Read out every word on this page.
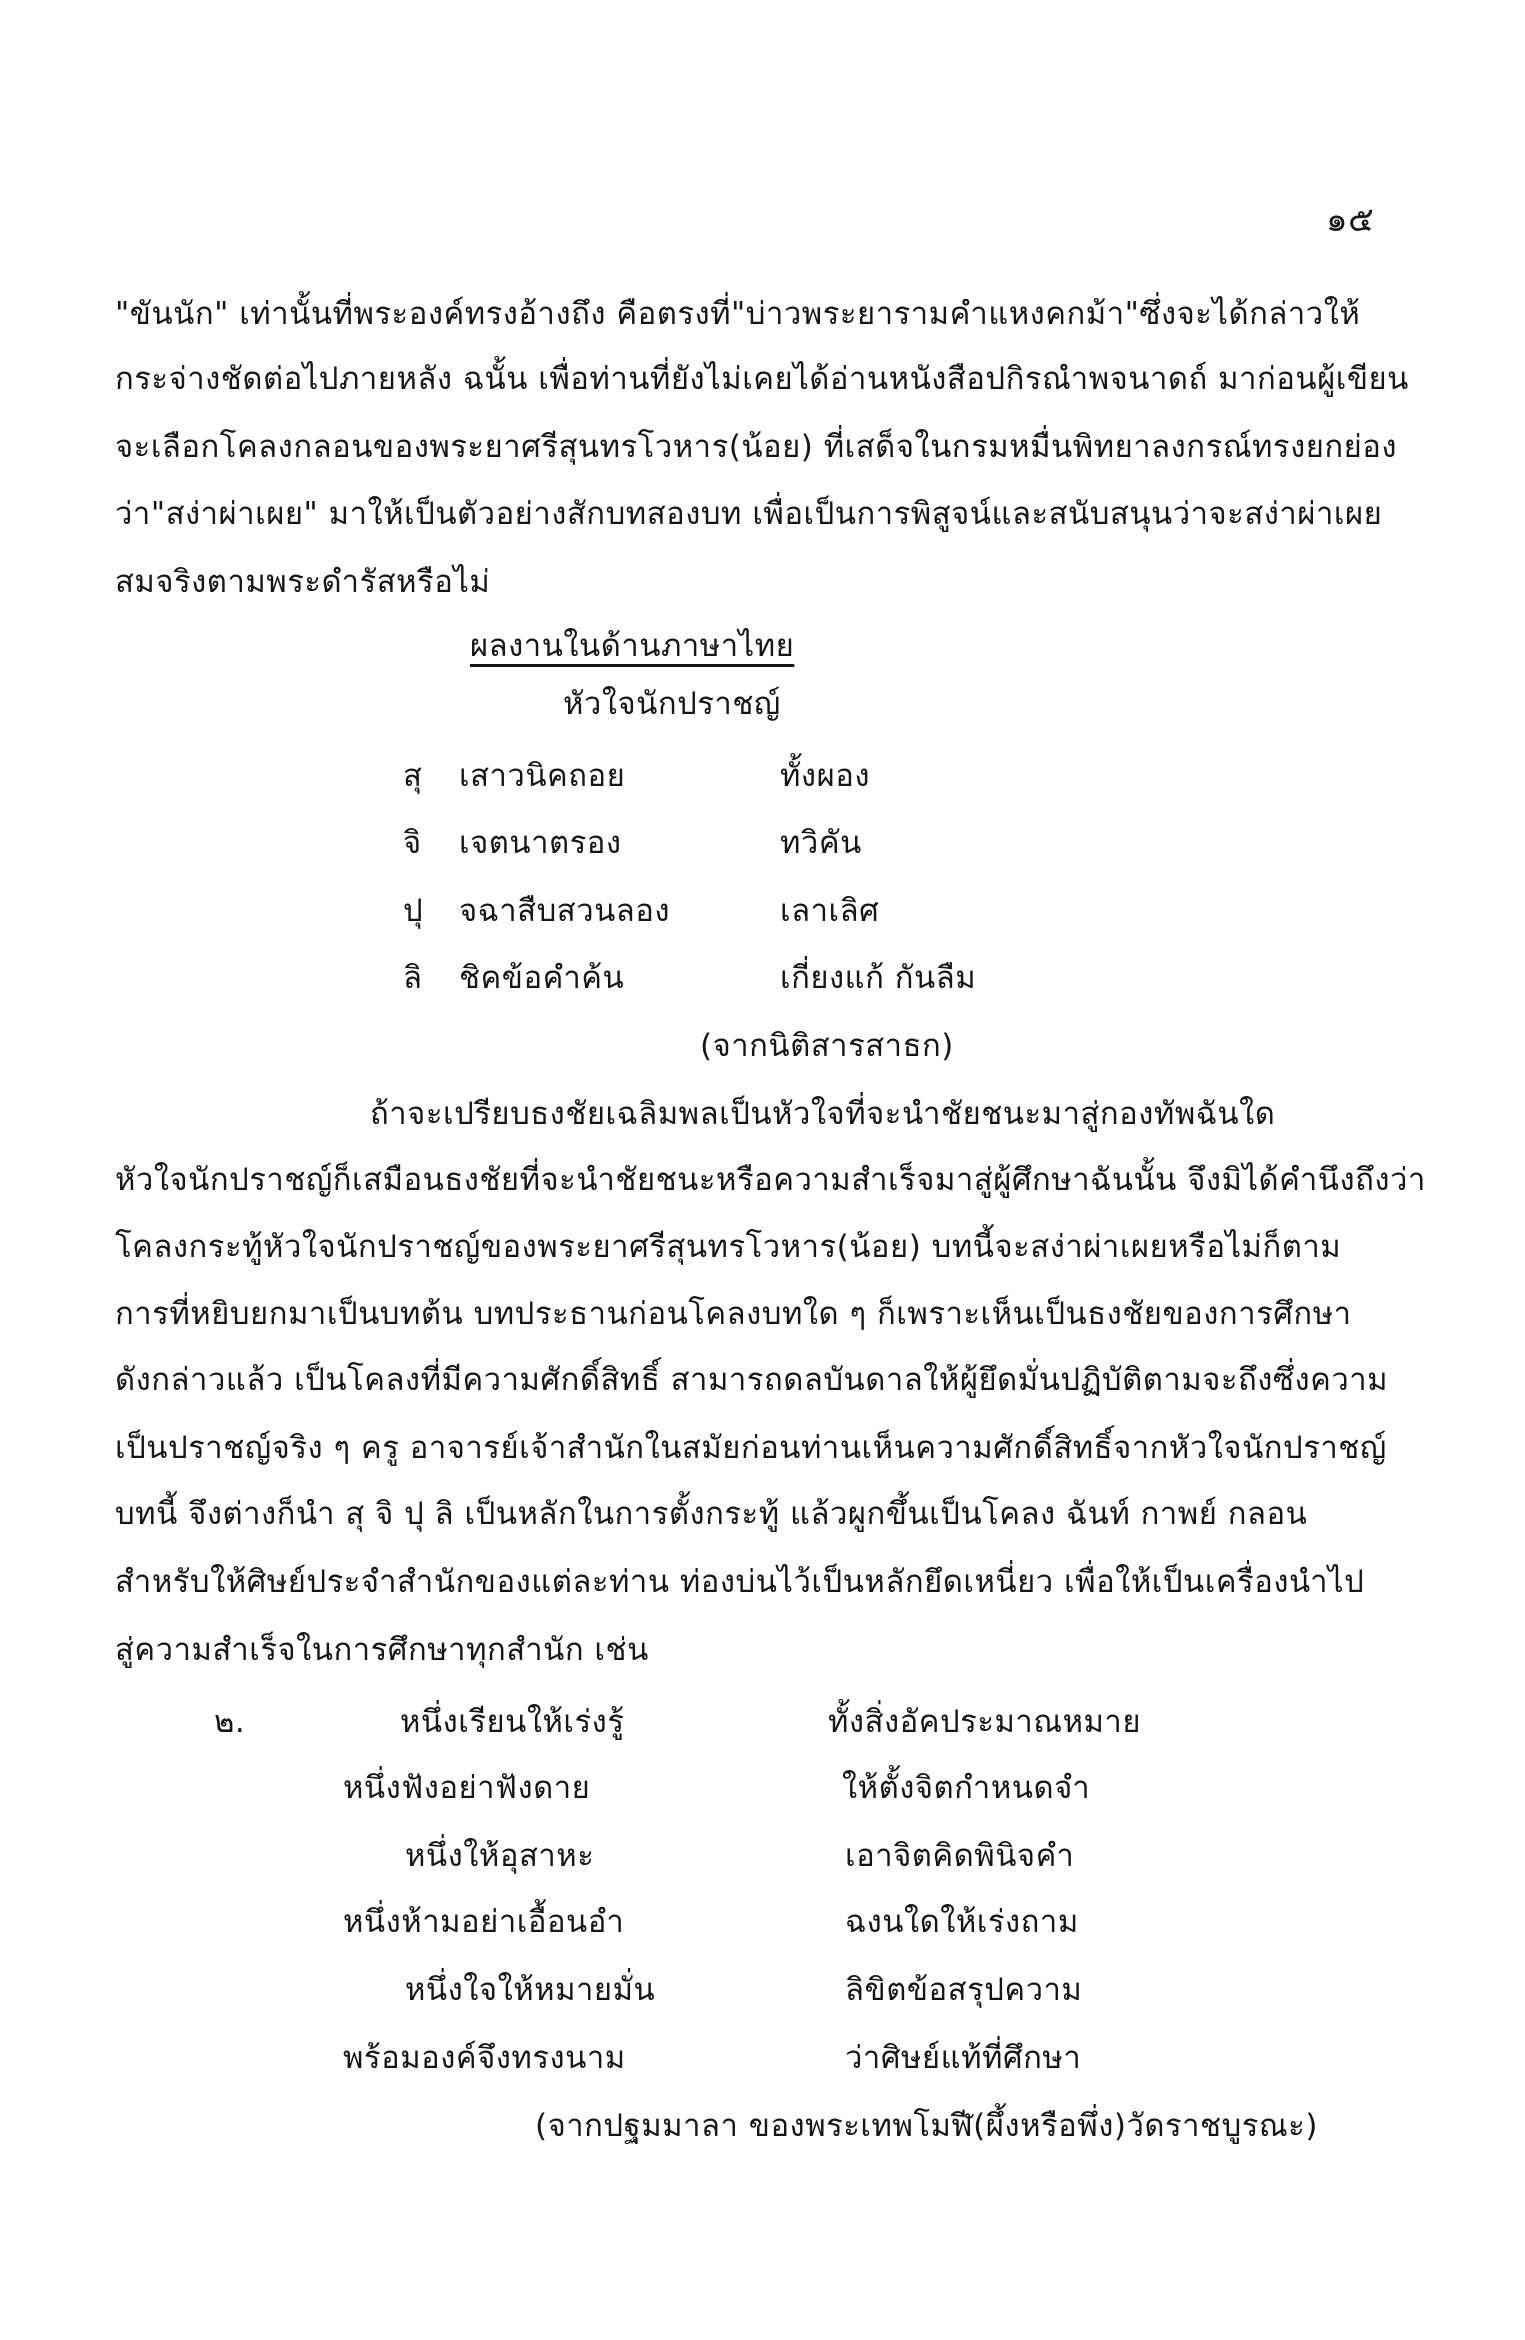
๑๕
"ขันนัก" เท่านั้นที่พระองค์ทรงอ้างถึง คือตรงที่"บ่าวพระยารามคำแหงคกม้า"ซึ่งจะได้กล่าวให้
กระจ่างชัดต่อไปภายหลัง ฉนั้น เพื่อท่านที่ยังไม่เคยได้อ่านหนังสือปกิรณำพจนาดถ์ มาก่อนผู้เขียน
จะเลือกโคลงกลอนของพระยาศรีสุนทรโวหาร(น้อย) ที่เสด็จในกรมหมื่นพิทยาลงกรณ์ทรงยกย่อง
ว่า"สง่าผ่าเผย" มาให้เป็นตัวอย่างสักบทสองบท เพื่อเป็นการพิสูจน์และสนับสนุนว่าจะสง่าผ่าเผย
สมจริงตามพระดำรัสหรือไม่
ผลงานในด้านภาษาไทย
หัวใจนักปราชญ์
สุ เสาวนิคถอย	ทั้งผอง
จิ เจตนาตรอง	ทวิคัน
ปุ จฉาสืบสวนลอง	เลาเลิศ
ลิ ชิคข้อคำค้น	เกี่ยงแก้ กันลืม
(จากนิติสารสาธก)
ถ้าจะเปรียบธงชัยเฉลิมพลเป็นหัวใจที่จะนำชัยชนะมาสู่กองทัพฉันใด
หัวใจนักปราชญ์ก็เสมือนธงชัยที่จะนำชัยชนะหรือความสำเร็จมาสู่ผู้ศึกษาฉันนั้น จึงมิได้คำนึงถึงว่า
โคลงกระทู้หัวใจนักปราชญ์ของพระยาศรีสุนทรโวหาร(น้อย) บทนี้จะสง่าผ่าเผยหรือไม่ก็ตาม
การที่หยิบยกมาเป็นบทต้น บทประธานก่อนโคลงบทใด ๆ ก็เพราะเห็นเป็นธงชัยของการศึกษา
ดังกล่าวแล้ว เป็นโคลงที่มีความศักดิ์สิทธิ์ สามารถดลบันดาลให้ผู้ยึดมั่นปฏิบัติตามจะถึงซึ่งความ
เป็นปราชญ์จริง ๆ ครู อาจารย์เจ้าสำนักในสมัยก่อนท่านเห็นความศักดิ์สิทธิ์จากหัวใจนักปราชญ์
บทนี้ จึงต่างก็นำ สุ จิ ปุ ลิ เป็นหลักในการตั้งกระทู้ แล้วผูกขึ้นเป็นโคลง ฉันท์ กาพย์ กลอน
สำหรับให้ศิษย์ประจำสำนักของแต่ละท่าน ท่องบ่นไว้เป็นหลักยึดเหนี่ยว เพื่อให้เป็นเครื่องนำไป
สู่ความสำเร็จในการศึกษาทุกสำนัก เช่น
๒.	หนึ่งเรียนให้เร่งรู้	ทั้งสิ่งอัคประมาณหมาย
หนึ่งฟังอย่าฟังดาย	ให้ตั้งจิตกำหนดจำ
หนึ่งให้อุสาหะ	เอาจิตคิดพินิจคำ
หนึ่งห้ามอย่าเอื้อนอำ	ฉงนใดให้เร่งถาม
หนึ่งใจให้หมายมั่น	ลิขิตข้อสรุปความ
พร้อมองค์จึงทรงนาม	ว่าศิษย์แท้ที่ศึกษา
(จากปฐมมาลา ของพระเทพโมฬี(ผึ้งหรือพึ่ง)วัดราชบูรณะ)
